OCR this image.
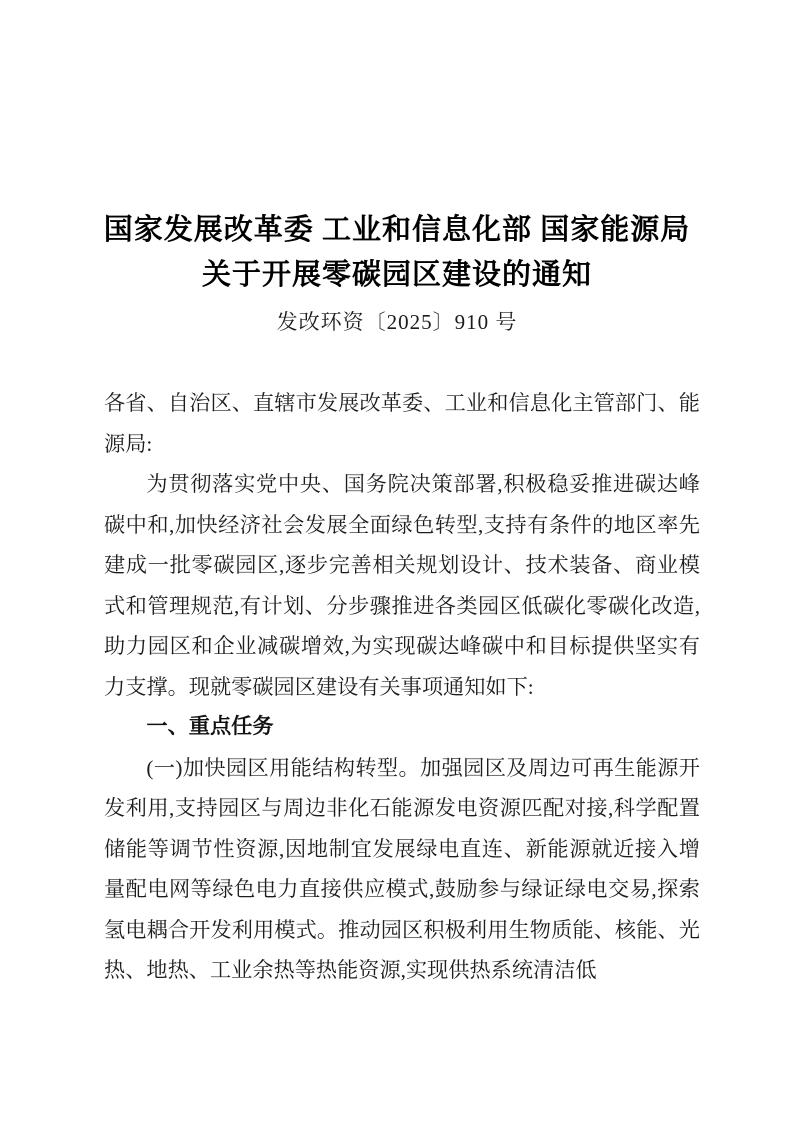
国家发展改革委 工业和信息化部 国家能源局
关于开展零碳园区建设的通知
发改环资〔2025〕910 号

各省、自治区、直辖市发展改革委、工业和信息化主管部门、能源局:

为贯彻落实党中央、国务院决策部署,积极稳妥推进碳达峰碳中和,加快经济社会发展全面绿色转型,支持有条件的地区率先建成一批零碳园区,逐步完善相关规划设计、技术装备、商业模式和管理规范,有计划、分步骤推进各类园区低碳化零碳化改造,助力园区和企业减碳增效,为实现碳达峰碳中和目标提供坚实有力支撑。现就零碳园区建设有关事项通知如下:

一、重点任务

(一)加快园区用能结构转型。加强园区及周边可再生能源开发利用,支持园区与周边非化石能源发电资源匹配对接,科学配置储能等调节性资源,因地制宜发展绿电直连、新能源就近接入增量配电网等绿色电力直接供应模式,鼓励参与绿证绿电交易,探索氢电耦合开发利用模式。推动园区积极利用生物质能、核能、光热、地热、工业余热等热能资源,实现供热系统清洁低
